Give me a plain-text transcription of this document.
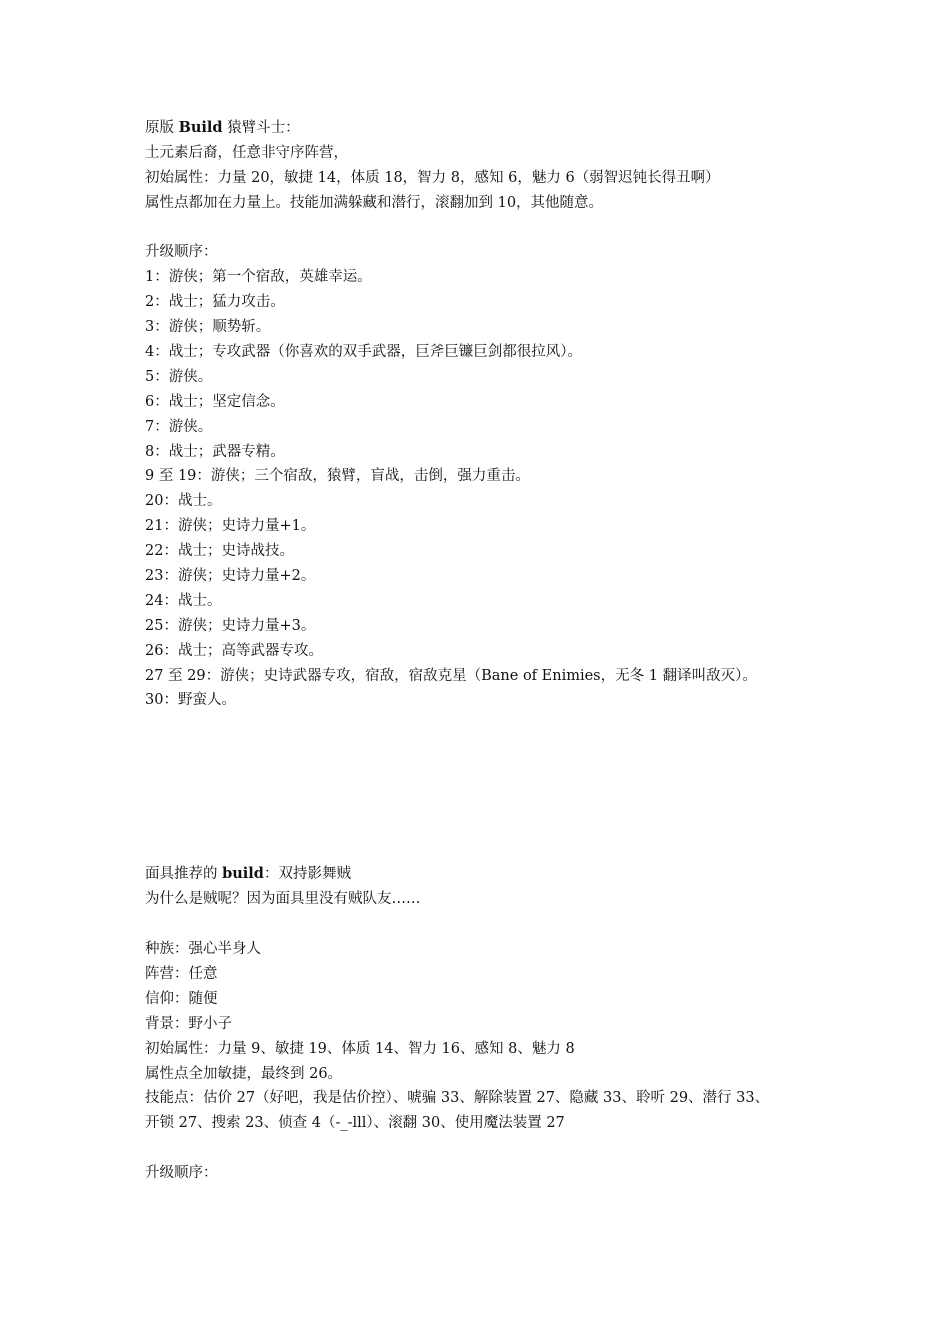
原版 Build 猿臂斗士：
土元素后裔，任意非守序阵营，
初始属性：力量 20，敏捷 14，体质 18，智力 8，感知 6，魅力 6（弱智迟钝长得丑啊）
属性点都加在力量上。技能加满躲藏和潜行，滚翻加到 10，其他随意。
升级顺序：
1：游侠；第一个宿敌，英雄幸运。
2：战士；猛力攻击。
3：游侠；顺势斩。
4：战士；专攻武器（你喜欢的双手武器，巨斧巨镰巨剑都很拉风）。
5：游侠。
6：战士；坚定信念。
7：游侠。
8：战士；武器专精。
9 至 19：游侠；三个宿敌，猿臂，盲战，击倒，强力重击。
20：战士。
21：游侠；史诗力量+1。
22：战士；史诗战技。
23：游侠；史诗力量+2。
24：战士。
25：游侠；史诗力量+3。
26：战士；高等武器专攻。
27 至 29：游侠；史诗武器专攻，宿敌，宿敌克星（Bane of Enimies，无冬 1 翻译叫敌灭）。
30：野蛮人。
面具推荐的 build：双持影舞贼
为什么是贼呢？因为面具里没有贼队友……
种族：强心半身人
阵营：任意
信仰：随便
背景：野小子
初始属性：力量 9、敏捷 19、体质 14、智力 16、感知 8、魅力 8
属性点全加敏捷，最终到 26。
技能点：估价 27（好吧，我是估价控）、唬骗 33、解除装置 27、隐藏 33、聆听 29、潜行 33、
开锁 27、搜索 23、侦查 4（-_-lll）、滚翻 30、使用魔法装置 27
升级顺序：
